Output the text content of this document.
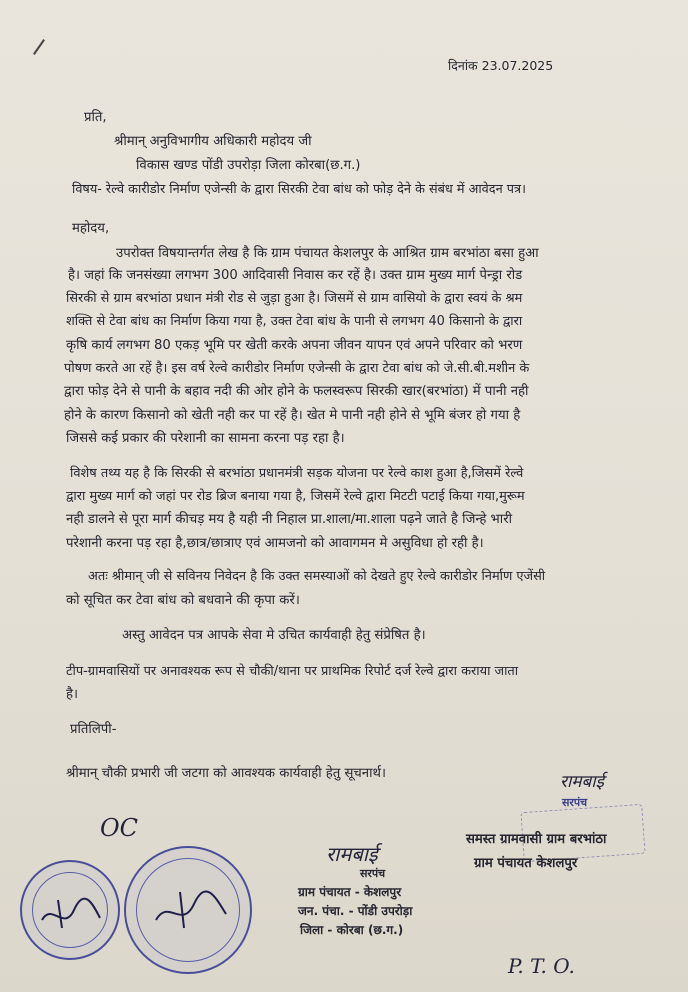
दिनांक 23.07.2025
प्रति,
श्रीमान् अनुविभागीय अधिकारी महोदय जी
विकास खण्ड पोंडी उपरोड़ा जिला कोरबा(छ.ग.)
विषय- रेल्वे कारीडोर निर्माण एजेन्सी के द्वारा सिरकी टेवा बांध को फोड़ देने के संबंध में आवेदन पत्र।
महोदय,
उपरोक्त विषयान्तर्गत लेख है कि ग्राम पंचायत केशलपुर के आश्रित ग्राम बरभांठा बसा हुआ
है। जहां कि जनसंख्या लगभग 300 आदिवासी निवास कर रहें है। उक्त ग्राम मुख्य मार्ग पेन्ड्रा रोड
सिरकी से ग्राम बरभांठा प्रधान मंत्री रोड से जुड़ा हुआ है। जिसमें से ग्राम वासियो के द्वारा स्वयं के श्रम
शक्ति से टेवा बांध का निर्माण किया गया है, उक्त टेवा बांध के पानी से लगभग 40 किसानो के द्वारा
कृषि कार्य लगभग 80 एकड़ भूमि पर खेती करके अपना जीवन यापन एवं अपने परिवार को भरण
पोषण करते आ रहें है। इस वर्ष रेल्वे कारीडोर निर्माण एजेन्सी के द्वारा टेवा बांध को जे.सी.बी.मशीन के
द्वारा फोड़ देने से पानी के बहाव नदी की ओर होने के फलस्वरूप सिरकी खार(बरभांठा) में पानी नही
होने के कारण किसानो को खेती नही कर पा रहें है। खेत मे पानी नही होने से भूमि बंजर हो गया है
जिससे कई प्रकार की परेशानी का सामना करना पड़ रहा है।
विशेष तथ्य यह है कि सिरकी से बरभांठा प्रधानमंत्री सड़क योजना पर रेल्वे काश हुआ है,जिसमें रेल्वे
द्वारा मुख्य मार्ग को जहां पर रोड ब्रिज बनाया गया है, जिसमें रेल्वे द्वारा मिटटी पटाई किया गया,मुरूम
नही डालने से पूरा मार्ग कीचड़ मय है यही नी निहाल प्रा.शाला/मा.शाला पढ़ने जाते है जिन्हे भारी
परेशानी करना पड़ रहा है,छात्र/छात्राए एवं आमजनो को आवागमन मे असुविधा हो रही है।
अतः श्रीमान् जी से सविनय निवेदन है कि उक्त समस्याओं को देखते हुए रेल्वे कारीडोर निर्माण एजेंसी
को सूचित कर टेवा बांध को बधवाने की कृपा करें।
अस्तु आवेदन पत्र आपके सेवा मे उचित कार्यवाही हेतु संप्रेषित है।
टीप-ग्रामवासियों पर अनावश्यक रूप से चौकी/थाना पर प्राथमिक रिपोर्ट दर्ज रेल्वे द्वारा कराया जाता
है।
प्रतिलिपी-
श्रीमान् चौकी प्रभारी जी जटगा को आवश्यक कार्यवाही हेतु सूचनार्थ।	रामबाई
सरपंच
समस्त ग्रामवासी ग्राम बरभांठा
ग्राम पंचायत केशलपुर
OC
रामबाई
सरपंच
ग्राम पंचायत - केशलपुर
जन. पंचा. - पोंडी उपरोड़ा
जिला - कोरबा (छ.ग.)
P. T. O.
